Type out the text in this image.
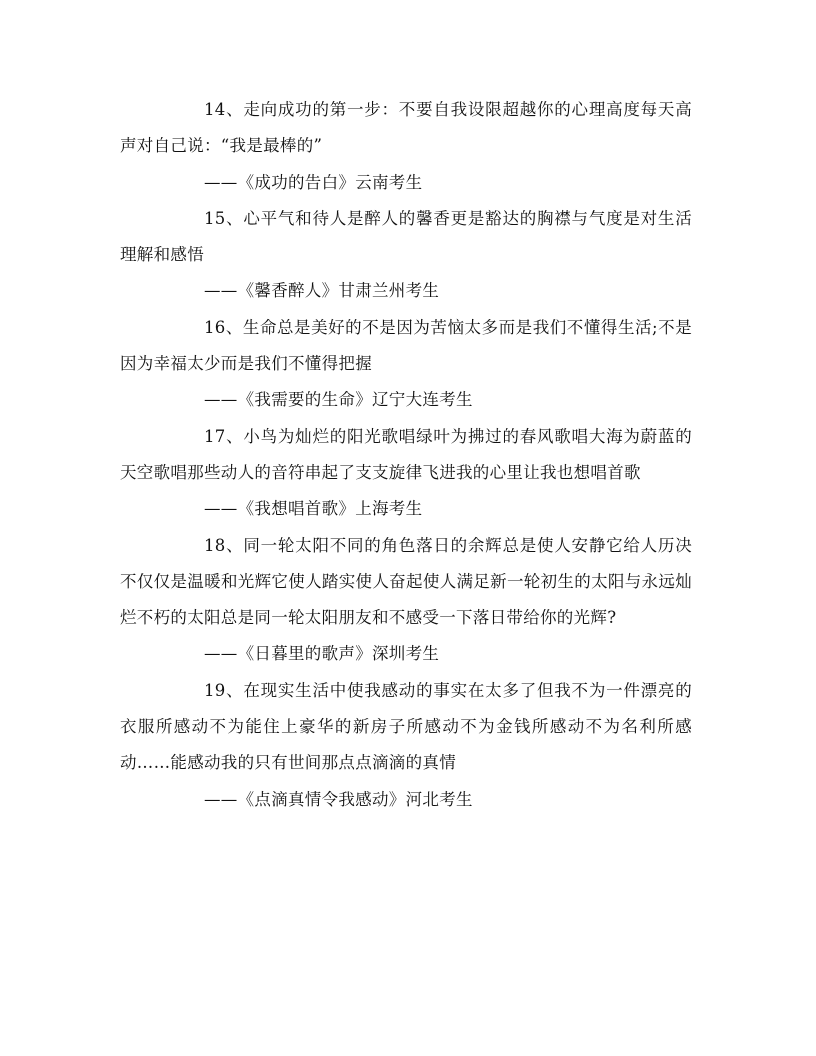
14、走向成功的第一步：不要自我设限超越你的心理高度每天高声对自己说：“我是最棒的”

——《成功的告白》云南考生

15、心平气和待人是醉人的馨香更是豁达的胸襟与气度是对生活理解和感悟

——《馨香醉人》甘肃兰州考生

16、生命总是美好的不是因为苦恼太多而是我们不懂得生活;不是因为幸福太少而是我们不懂得把握

——《我需要的生命》辽宁大连考生

17、小鸟为灿烂的阳光歌唱绿叶为拂过的春风歌唱大海为蔚蓝的天空歌唱那些动人的音符串起了支支旋律飞进我的心里让我也想唱首歌

——《我想唱首歌》上海考生

18、同一轮太阳不同的角色落日的余辉总是使人安静它给人历决不仅仅是温暖和光辉它使人踏实使人奋起使人满足新一轮初生的太阳与永远灿烂不朽的太阳总是同一轮太阳朋友和不感受一下落日带给你的光辉?

——《日暮里的歌声》深圳考生

19、在现实生活中使我感动的事实在太多了但我不为一件漂亮的衣服所感动不为能住上豪华的新房子所感动不为金钱所感动不为名利所感动……能感动我的只有世间那点点滴滴的真情

——《点滴真情令我感动》河北考生
